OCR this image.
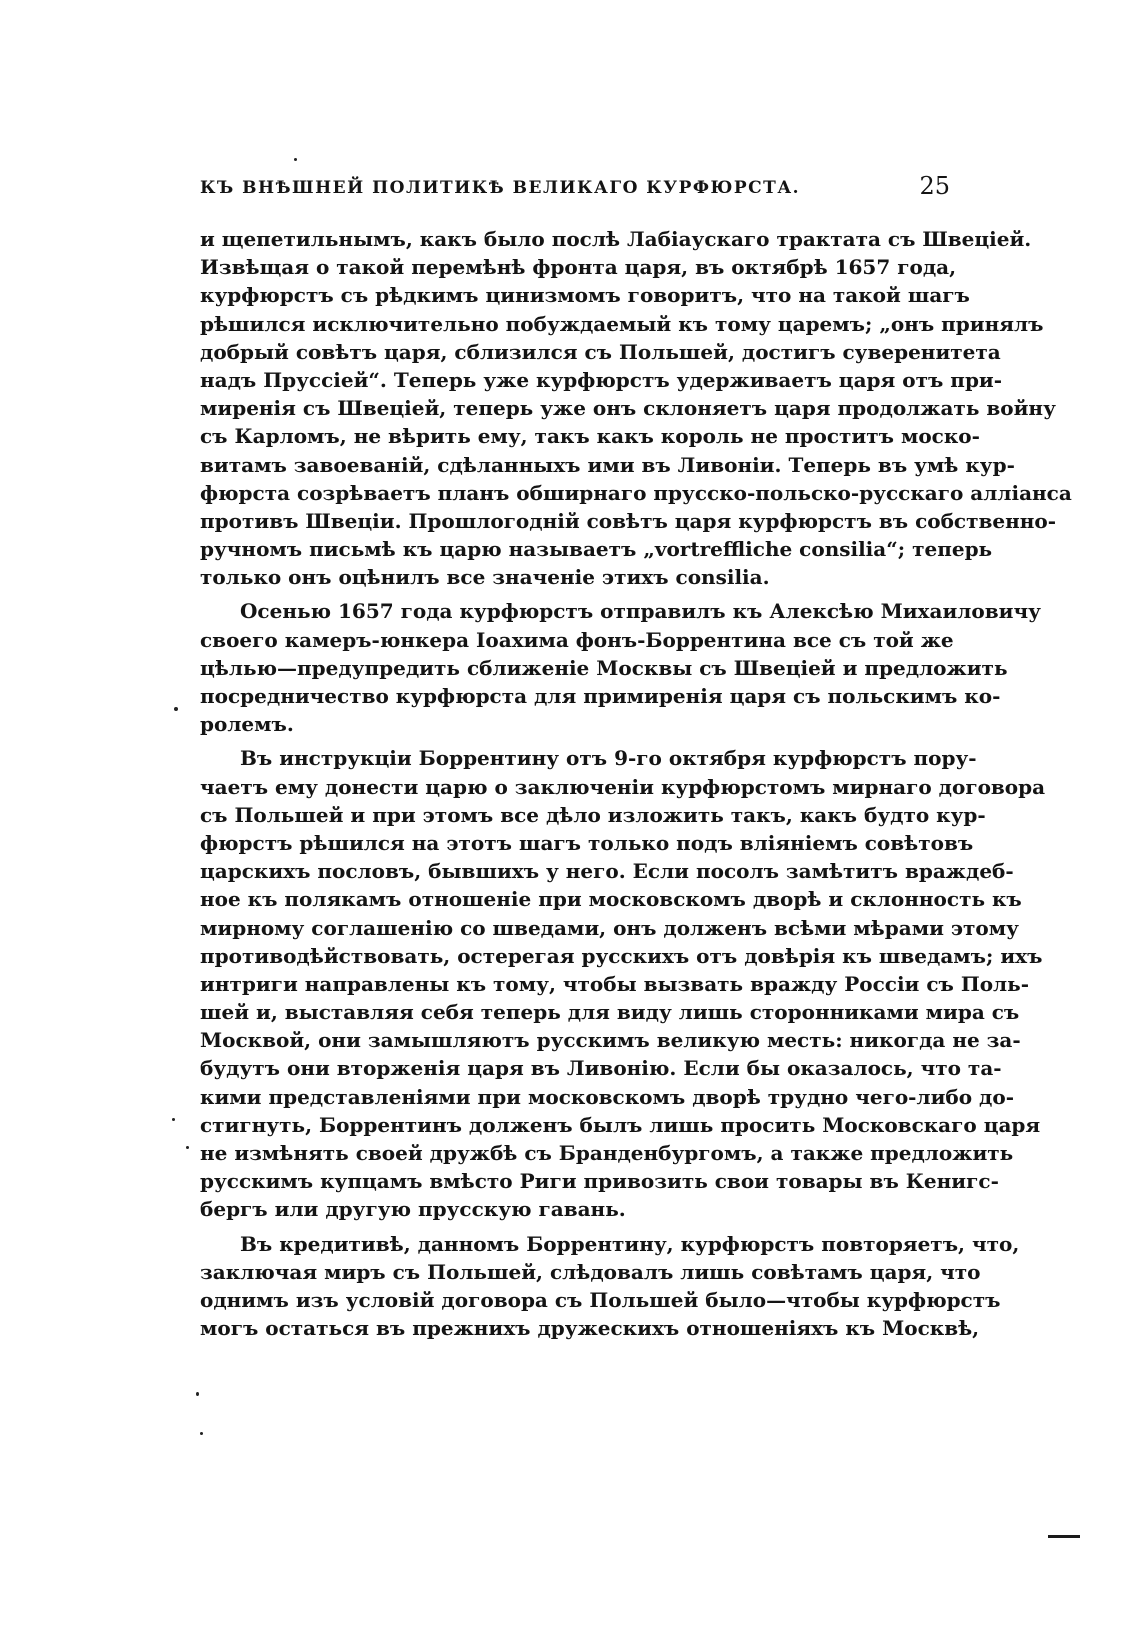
КЪ ВНѢШНЕЙ ПОЛИТИКѢ ВЕЛИКАГО КУРФЮРСТА.	25
и щепетильнымъ, какъ было послѣ Лабіаускаго трактата съ Швеціей.
Извѣщая о такой перемѣнѣ фронта царя, въ октябрѣ 1657 года,
курфюрстъ съ рѣдкимъ цинизмомъ говоритъ, что на такой шагъ
рѣшился исключительно побуждаемый къ тому царемъ; „онъ принялъ
добрый совѣтъ царя, сблизился съ Польшей, достигъ суверенитета
надъ Пруссіей“. Теперь уже курфюрстъ удерживаетъ царя отъ при-
миренія съ Швеціей, теперь уже онъ склоняетъ царя продолжать войну
съ Карломъ, не вѣрить ему, такъ какъ король не проститъ моско-
витамъ завоеваній, сдѣланныхъ ими въ Ливоніи. Теперь въ умѣ кур-
фюрста созрѣваетъ планъ обширнаго прусско-польско-русскаго алліанса
противъ Швеціи. Прошлогодній совѣтъ царя курфюрстъ въ собственно-
ручномъ письмѣ къ царю называетъ „vortreffliche consilia“; теперь
только онъ оцѣнилъ все значеніе этихъ consilia.
Осенью 1657 года курфюрстъ отправилъ къ Алексѣю Михаиловичу
своего камеръ-юнкера Іоахима фонъ-Боррентина все съ той же
цѣлью—предупредить сближеніе Москвы съ Швеціей и предложить
посредничество курфюрста для примиренія царя съ польскимъ ко-
ролемъ.
Въ инструкціи Боррентину отъ 9-го октября курфюрстъ пору-
чаетъ ему донести царю о заключеніи курфюрстомъ мирнаго договора
съ Польшей и при этомъ все дѣло изложить такъ, какъ будто кур-
фюрстъ рѣшился на этотъ шагъ только подъ вліяніемъ совѣтовъ
царскихъ пословъ, бывшихъ у него. Если посолъ замѣтитъ враждеб-
ное къ полякамъ отношеніе при московскомъ дворѣ и склонность къ
мирному соглашенію со шведами, онъ долженъ всѣми мѣрами этому
противодѣйствовать, остерегая русскихъ отъ довѣрія къ шведамъ; ихъ
интриги направлены къ тому, чтобы вызвать вражду Россіи съ Поль-
шей и, выставляя себя теперь для виду лишь сторонниками мира съ
Москвой, они замышляютъ русскимъ великую месть: никогда не за-
будутъ они вторженія царя въ Ливонію. Если бы оказалось, что та-
кими представленіями при московскомъ дворѣ трудно чего-либо до-
стигнуть, Боррентинъ долженъ былъ лишь просить Московскаго царя
не измѣнять своей дружбѣ съ Бранденбургомъ, а также предложить
русскимъ купцамъ вмѣсто Риги привозить свои товары въ Кенигс-
бергъ или другую прусскую гавань.
Въ кредитивѣ, данномъ Боррентину, курфюрстъ повторяетъ, что,
заключая миръ съ Польшей, слѣдовалъ лишь совѣтамъ царя, что
однимъ изъ условій договора съ Польшей было—чтобы курфюрстъ
могъ остаться въ прежнихъ дружескихъ отношеніяхъ къ Москвѣ,
